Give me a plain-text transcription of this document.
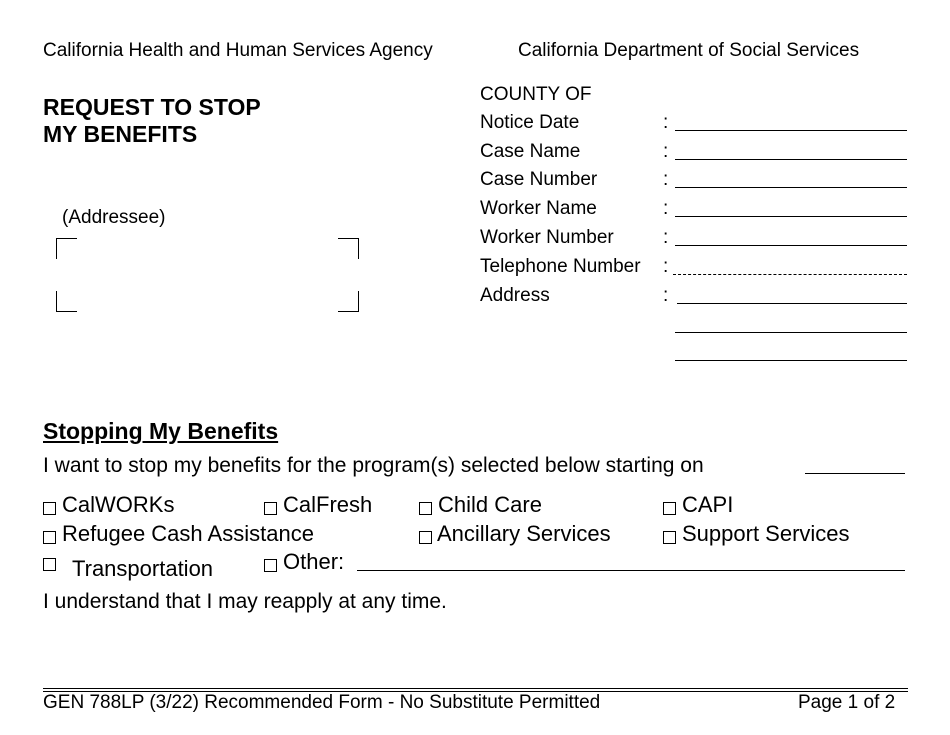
California Health and Human Services Agency	California Department of Social Services
REQUEST TO STOP
MY BENEFITS
(Addressee)
COUNTY OF
Notice Date	:
Case Name	:
Case Number	:
Worker Name	:
Worker Number	:
Telephone Number :
Address	:
Stopping My Benefits
I want to stop my benefits for the program(s) selected below starting on
CalWORKs	CalFresh	Child Care	CAPI
Refugee Cash Assistance	Ancillary Services	Support Services
Transportation	Other:
I understand that I may reapply at any time.
GEN 788LP (3/22) Recommended Form - No Substitute Permitted	Page 1 of 2
